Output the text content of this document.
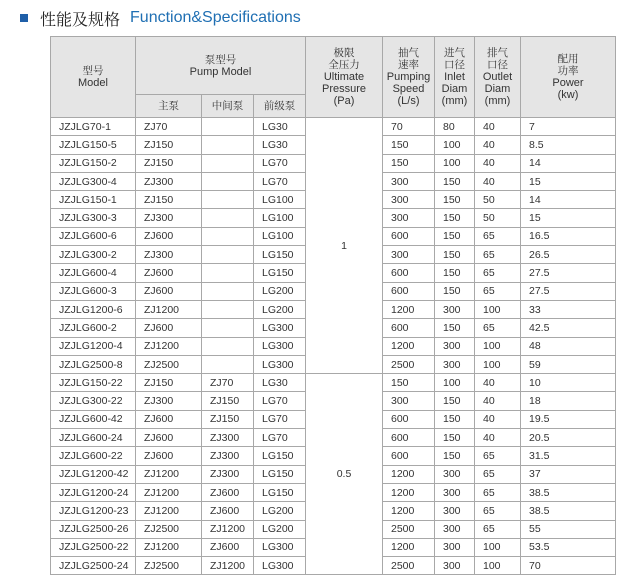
性能及规格 Function&Specifications
型号
Model	泵型号
Pump Model			极限
全压力
Ultimate
Pressure
(Pa)	抽气
速率
Pumping
Speed
(L/s)	进气
口径
Inlet
Diam
(mm)	排气
口径
Outlet
Diam
(mm)	配用
功率
Power
(kw)

	主泵	中间泵	前级泵					
JZJLG70-1	ZJ70		LG30	1	70	80	40	7
JZJLG150-5	ZJ150		LG30		150	100	40	8.5
JZJLG150-2	ZJ150		LG70		150	100	40	14
JZJLG300-4	ZJ300		LG70		300	150	40	15
JZJLG150-1	ZJ150		LG100		300	150	50	14
JZJLG300-3	ZJ300		LG100		300	150	50	15
JZJLG600-6	ZJ600		LG100		600	150	65	16.5
JZJLG300-2	ZJ300		LG150		300	150	65	26.5
JZJLG600-4	ZJ600		LG150		600	150	65	27.5
JZJLG600-3	ZJ600		LG200		600	150	65	27.5
JZJLG1200-6	ZJ1200		LG200		1200	300	100	33
JZJLG600-2	ZJ600		LG300		600	150	65	42.5
JZJLG1200-4	ZJ1200		LG300		1200	300	100	48
JZJLG2500-8	ZJ2500		LG300		2500	300	100	59
JZJLG150-22	ZJ150	ZJ70	LG30	0.5	150	100	40	10
JZJLG300-22	ZJ300	ZJ150	LG70		300	150	40	18
JZJLG600-42	ZJ600	ZJ150	LG70		600	150	40	19.5
JZJLG600-24	ZJ600	ZJ300	LG70		600	150	40	20.5
JZJLG600-22	ZJ600	ZJ300	LG150		600	150	65	31.5
JZJLG1200-42	ZJ1200	ZJ300	LG150		1200	300	65	37
JZJLG1200-24	ZJ1200	ZJ600	LG150		1200	300	65	38.5
JZJLG1200-23	ZJ1200	ZJ600	LG200		1200	300	65	38.5
JZJLG2500-26	ZJ2500	ZJ1200	LG200		2500	300	65	55
JZJLG2500-22	ZJ1200	ZJ600	LG300		1200	300	100	53.5
JZJLG2500-24	ZJ2500	ZJ1200	LG300		2500	300	100	70
